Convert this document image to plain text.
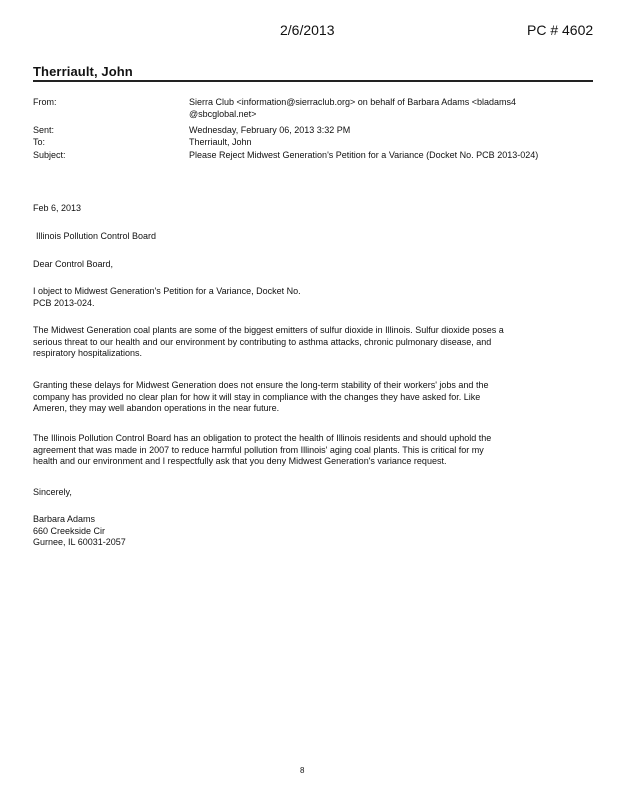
2/6/2013	PC # 4602
Therriault, John
From:	Sierra Club <information@sierraclub.org> on behalf of Barbara Adams <bladams4
@sbcglobal.net>
Sent:	Wednesday, February 06, 2013 3:32 PM
To:	Therriault, John
Subject:	Please Reject Midwest Generation's Petition for a Variance (Docket No. PCB 2013-024)
Feb 6, 2013
Illinois Pollution Control Board
Dear Control Board,
I object to Midwest Generation's Petition for a Variance, Docket No.
PCB 2013-024.
The Midwest Generation coal plants are some of the biggest emitters of sulfur dioxide in Illinois. Sulfur dioxide poses a
serious threat to our health and our environment by contributing to asthma attacks, chronic pulmonary disease, and
respiratory hospitalizations.
Granting these delays for Midwest Generation does not ensure the long-term stability of their workers' jobs and the
company has provided no clear plan for how it will stay in compliance with the changes they have asked for. Like
Ameren, they may well abandon operations in the near future.
The Illinois Pollution Control Board has an obligation to protect the health of Illinois residents and should uphold the
agreement that was made in 2007 to reduce harmful pollution from Illinois' aging coal plants. This is critical for my
health and our environment and I respectfully ask that you deny Midwest Generation's variance request.
Sincerely,
Barbara Adams
660 Creekside Cir
Gurnee, IL 60031-2057
8
